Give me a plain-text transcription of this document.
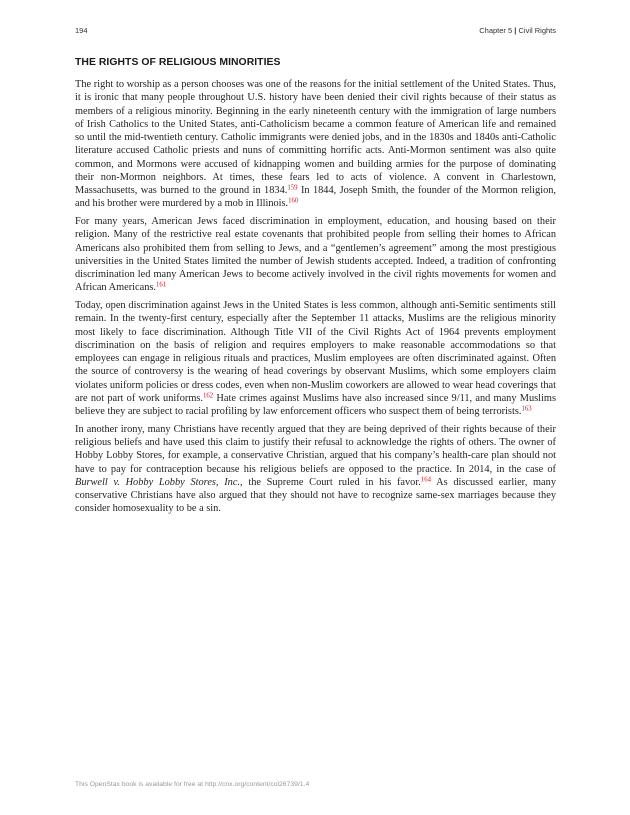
194	Chapter 5 | Civil Rights
THE RIGHTS OF RELIGIOUS MINORITIES

The right to worship as a person chooses was one of the reasons for the initial settlement of the United States. Thus, it is ironic that many people throughout U.S. history have been denied their civil rights because of their status as members of a religious minority. Beginning in the early nineteenth century with the immigration of large numbers of Irish Catholics to the United States, anti-Catholicism became a common feature of American life and remained so until the mid-twentieth century. Catholic immigrants were denied jobs, and in the 1830s and 1840s anti-Catholic literature accused Catholic priests and nuns of committing horrific acts. Anti-Mormon sentiment was also quite common, and Mormons were accused of kidnapping women and building armies for the purpose of dominating their non-Mormon neighbors. At times, these fears led to acts of violence. A convent in Charlestown, Massachusetts, was burned to the ground in 1834.$^{159}$ In 1844, Joseph Smith, the founder of the Mormon religion, and his brother were murdered by a mob in Illinois.$^{160}$

For many years, American Jews faced discrimination in employment, education, and housing based on their religion. Many of the restrictive real estate covenants that prohibited people from selling their homes to African Americans also prohibited them from selling to Jews, and a “gentlemen’s agreement” among the most prestigious universities in the United States limited the number of Jewish students accepted. Indeed, a tradition of confronting discrimination led many American Jews to become actively involved in the civil rights movements for women and African Americans.$^{161}$

Today, open discrimination against Jews in the United States is less common, although anti-Semitic sentiments still remain. In the twenty-first century, especially after the September 11 attacks, Muslims are the religious minority most likely to face discrimination. Although Title VII of the Civil Rights Act of 1964 prevents employment discrimination on the basis of religion and requires employers to make reasonable accommodations so that employees can engage in religious rituals and practices, Muslim employees are often discriminated against. Often the source of controversy is the wearing of head coverings by observant Muslims, which some employers claim violates uniform policies or dress codes, even when non-Muslim coworkers are allowed to wear head coverings that are not part of work uniforms.$^{162}$ Hate crimes against Muslims have also increased since 9/11, and many Muslims believe they are subject to racial profiling by law enforcement officers who suspect them of being terrorists.$^{163}$

In another irony, many Christians have recently argued that they are being deprived of their rights because of their religious beliefs and have used this claim to justify their refusal to acknowledge the rights of others. The owner of Hobby Lobby Stores, for example, a conservative Christian, argued that his company’s health-care plan should not have to pay for contraception because his religious beliefs are opposed to the practice. In 2014, in the case of Burwell v. Hobby Lobby Stores, Inc., the Supreme Court ruled in his favor.$^{164}$ As discussed earlier, many conservative Christians have also argued that they should not have to recognize same-sex marriages because they consider homosexuality to be a sin.

This OpenStax book is available for free at http://cnx.org/content/col26739/1.4
